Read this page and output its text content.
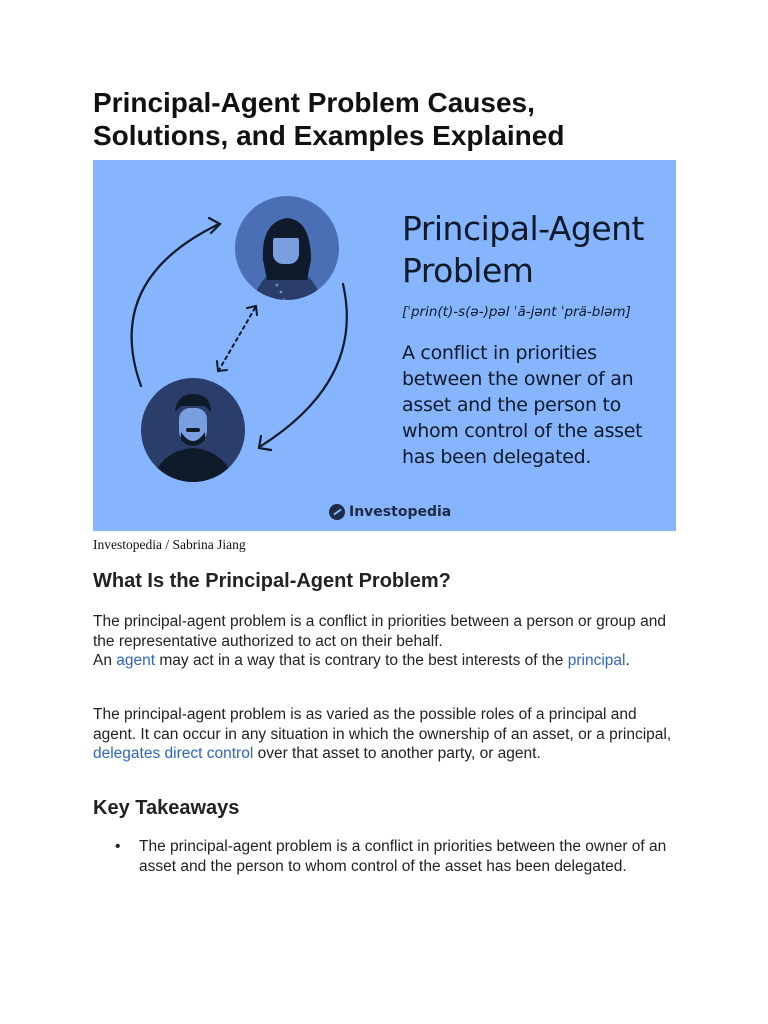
Principal-Agent Problem Causes,
Solutions, and Examples Explained
Principal-Agent
Problem
[ˈprin(t)-s(ə-)pəl ˈā-jənt ˈprä-bləm]
A conflict in priorities between the owner of an asset and the person to whom control of the asset has been delegated.
Investopedia
Investopedia / Sabrina Jiang
What Is the Principal-Agent Problem?

The principal-agent problem is a conflict in priorities between a person or group and the representative authorized to act on their behalf.
An agent may act in a way that is contrary to the best interests of the principal.

The principal-agent problem is as varied as the possible roles of a principal and agent. It can occur in any situation in which the ownership of an asset, or a principal, delegates direct control over that asset to another party, or agent.

Key Takeaways
• The principal-agent problem is a conflict in priorities between the owner of an asset and the person to whom control of the asset has been delegated.
